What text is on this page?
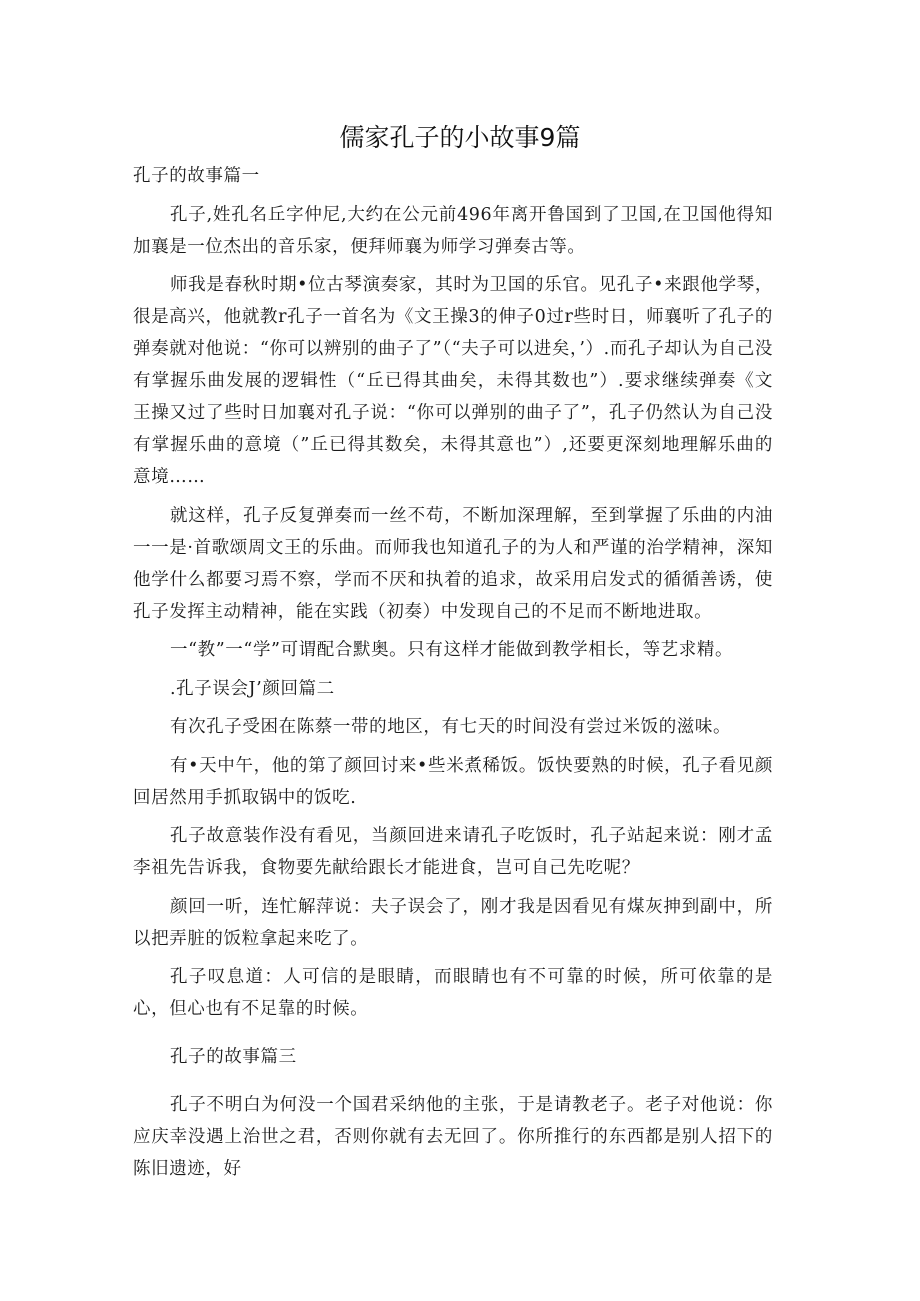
儒家孔子的小故事9篇

孔子的故事篇一

孔子,姓孔名丘字仲尼,大约在公元前496年离开鲁国到了卫国,在卫国他得知加襄是一位杰出的音乐家，便拜师襄为师学习弹奏古等。

师我是春秋时期•位古琴演奏家，其时为卫国的乐官。见孔子•来跟他学琴，很是高兴，他就教r孔子一首名为《文王操3的伸子0过r些时日，师襄听了孔子的弹奏就对他说：“你可以辨别的曲子了”（“夫子可以进矣，’）.而孔子却认为自己没有掌握乐曲发展的逻辑性（“丘已得其曲矣，未得其数也”）.要求继续弹奏《文王操又过了些时日加襄对孔子说：“你可以弹别的曲子了”，孔子仍然认为自己没有掌握乐曲的意境（”丘已得其数矣，未得其意也”）,还要更深刻地理解乐曲的意境……

就这样，孔子反复弹奏而一丝不苟，不断加深理解，至到掌握了乐曲的内油一一是·首歌颂周文王的乐曲。而师我也知道孔子的为人和严谨的治学精神，深知他学什么都要习焉不察，学而不厌和执着的追求，故采用启发式的循循善诱，使孔子发挥主动精神，能在实践（初奏）中发现自己的不足而不断地进取。

一“教”一“学”可谓配合默奥。只有这样才能做到教学相长，等艺求精。

.孔子误会J’颜回篇二

有次孔子受困在陈蔡一带的地区，有七天的时间没有尝过米饭的滋味。

有•天中午，他的第了颜回讨来•些米煮稀饭。饭快要熟的时候，孔子看见颜回居然用手抓取锅中的饭吃.

孔子故意装作没有看见，当颜回进来请孔子吃饭时，孔子站起来说：刚才孟李祖先告诉我，食物要先献给跟长才能进食，岂可自己先吃呢？

颜回一听，连忙解萍说：夫子误会了，刚才我是因看见有煤灰抻到副中，所以把弄脏的饭粒拿起来吃了。

孔子叹息道：人可信的是眼睛，而眼睛也有不可靠的时候，所可依靠的是心，但心也有不足靠的时候。

孔子的故事篇三

孔子不明白为何没一个国君采纳他的主张，于是请教老子。老子对他说：你应庆幸没遇上治世之君，否则你就有去无回了。你所推行的东西都是别人招下的陈旧遗迹，好
